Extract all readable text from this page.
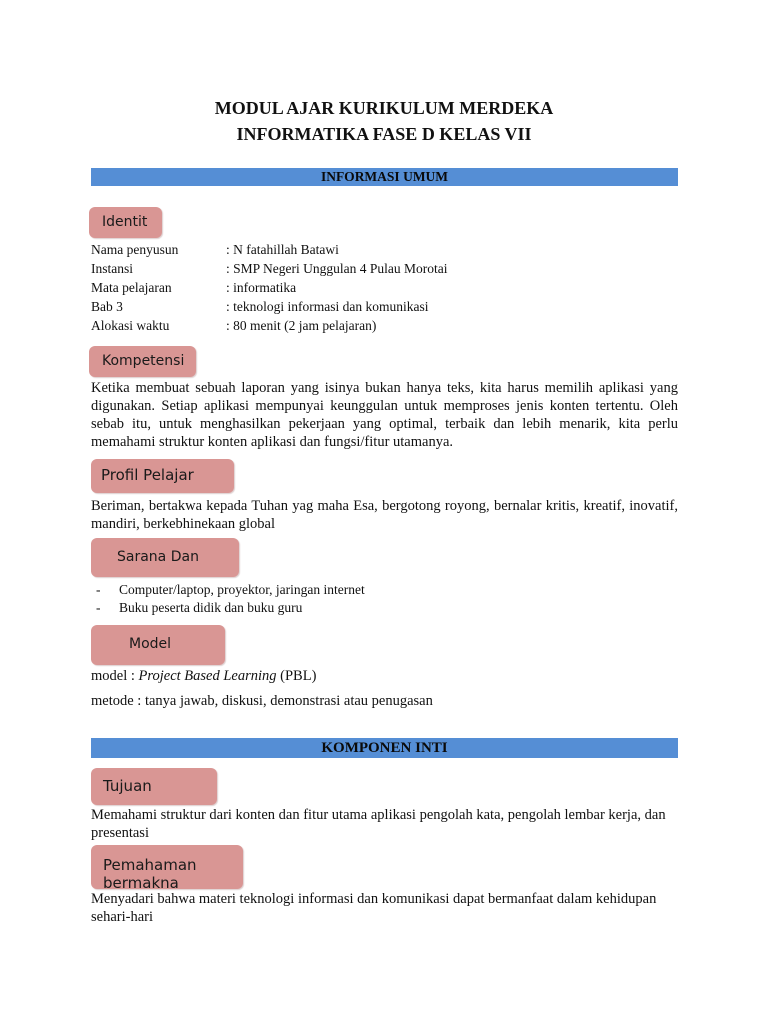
MODUL AJAR KURIKULUM MERDEKA
INFORMATIKA FASE D KELAS VII
INFORMASI UMUM
Identit
Nama penyusun	: N fatahillah Batawi
Instansi	: SMP Negeri Unggulan 4 Pulau Morotai
Mata pelajaran	: informatika
Bab 3	: teknologi informasi dan komunikasi
Alokasi waktu	: 80 menit (2 jam pelajaran)
Kompetensi
Ketika membuat sebuah laporan yang isinya bukan hanya teks, kita harus memilih aplikasi yang digunakan. Setiap aplikasi mempunyai keunggulan untuk memproses jenis konten tertentu. Oleh sebab itu, untuk menghasilkan pekerjaan yang optimal, terbaik dan lebih menarik, kita perlu memahami struktur konten aplikasi dan fungsi/fitur utamanya.
Profil Pelajar
Beriman, bertakwa kepada Tuhan yag maha Esa, bergotong royong, bernalar kritis, kreatif, inovatif, mandiri, berkebhinekaan global
Sarana Dan
- Computer/laptop, proyektor, jaringan internet
- Buku peserta didik dan buku guru
Model
model : Project Based Learning (PBL)
metode : tanya jawab, diskusi, demonstrasi atau penugasan
KOMPONEN INTI
Tujuan
Memahami struktur dari konten dan fitur utama aplikasi pengolah kata, pengolah lembar kerja, dan presentasi
Pemahaman
bermakna
Menyadari bahwa materi teknologi informasi dan komunikasi dapat bermanfaat dalam kehidupan sehari-hari
